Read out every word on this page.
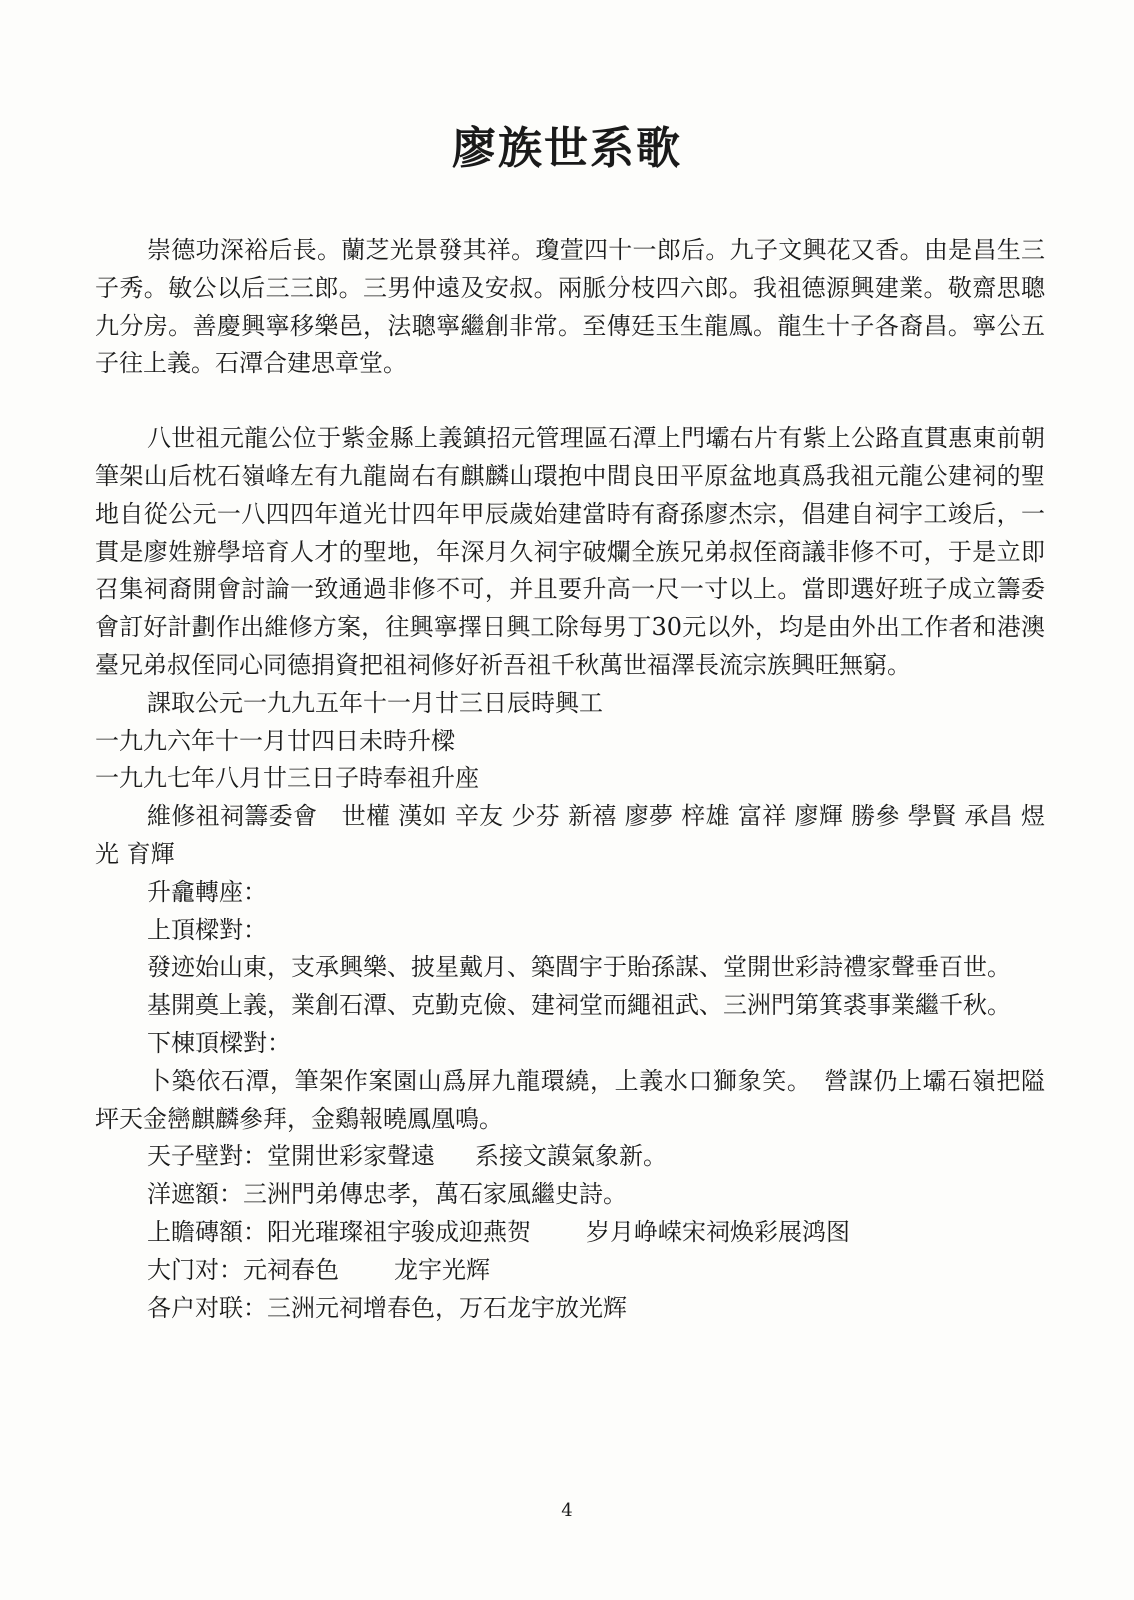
廖族世系歌

崇德功深裕后長。蘭芝光景發其祥。瓊萱四十一郎后。九子文興花又香。由是昌生三子秀。敏公以后三三郎。三男仲遠及安叔。兩脈分枝四六郎。我祖德源興建業。敬齋思聰九分房。善慶興寧移樂邑，法聰寧繼創非常。至傳廷玉生龍鳳。龍生十子各裔昌。寧公五子往上義。石潭合建思章堂。

八世祖元龍公位于紫金縣上義鎮招元管理區石潭上門壩右片有紫上公路直貫惠東前朝筆架山后枕石嶺峰左有九龍崗右有麒麟山環抱中間良田平原盆地真爲我祖元龍公建祠的聖地自從公元一八四四年道光廿四年甲辰歲始建當時有裔孫廖杰宗，倡建自祠宇工竣后，一貫是廖姓辦學培育人才的聖地，年深月久祠宇破爛全族兄弟叔侄商議非修不可，于是立即召集祠裔開會討論一致通過非修不可，并且要升高一尺一寸以上。當即選好班子成立籌委會訂好計劃作出維修方案，往興寧擇日興工除每男丁30元以外，均是由外出工作者和港澳臺兄弟叔侄同心同德捐資把祖祠修好祈吾祖千秋萬世福澤長流宗族興旺無窮。

課取公元一九九五年十一月廿三日辰時興工

一九九六年十一月廿四日未時升樑

一九九七年八月廿三日子時奉祖升座

維修祖祠籌委會　世權 漢如 辛友 少芬 新禧 廖夢 梓雄 富祥 廖輝 勝參 學賢 承昌 煜光 育輝

升龕轉座：

上頂樑對：

發迹始山東，支承興樂、披星戴月、築閭宇于貽孫謀、堂開世彩詩禮家聲垂百世。

基開奠上義，業創石潭、克勤克儉、建祠堂而繩祖武、三洲門第箕裘事業繼千秋。

下棟頂樑對：

卜築依石潭，筆架作案園山爲屏九龍環繞，上義水口獅象笑。　營謀仍上壩石嶺把隘坪天金巒麒麟參拜，金鷄報曉鳳凰鳴。

天子壁對：堂開世彩家聲遠 系接文謨氣象新。

洋遮額：三洲門弟傳忠孝，萬石家風繼史詩。

上瞻磚額：阳光璀璨祖宇骏成迎燕贺 岁月峥嵘宋祠焕彩展鸿图

大门对：元祠春色 龙宇光辉

各户对联：三洲元祠增春色，万石龙宇放光辉

4
